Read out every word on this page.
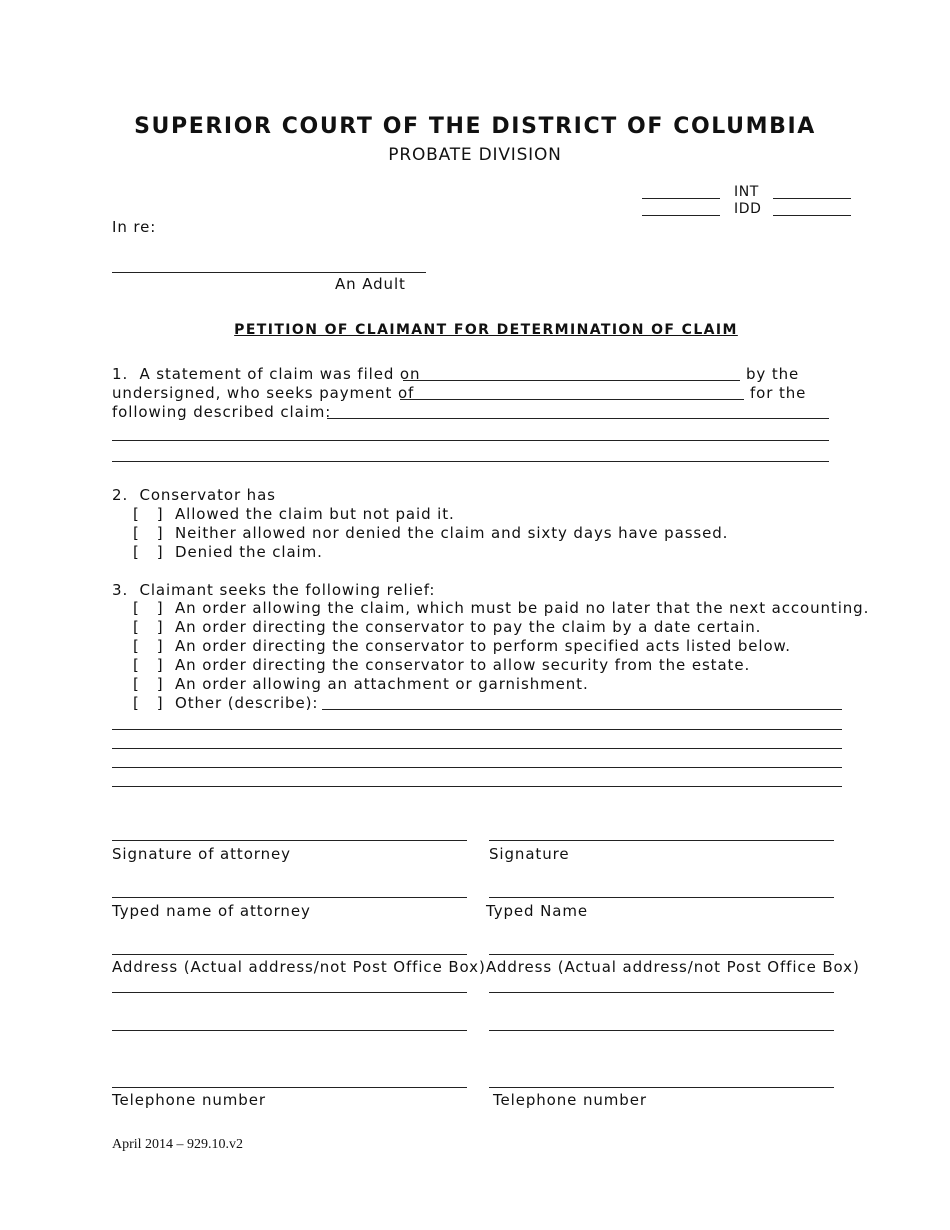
SUPERIOR COURT OF THE DISTRICT OF COLUMBIA
PROBATE DIVISION
INT
IDD
In re:
An Adult
PETITION OF CLAIMANT FOR DETERMINATION OF CLAIM
1.  A statement of claim was filed on	by the
undersigned, who seeks payment of	for the
following described claim:
2.  Conservator has
[   ] Allowed the claim but not paid it.
[   ] Neither allowed nor denied the claim and sixty days have passed.
[   ] Denied the claim.
3.  Claimant seeks the following relief:
[   ] An order allowing the claim, which must be paid no later that the next accounting.
[   ] An order directing the conservator to pay the claim by a date certain.
[   ] An order directing the conservator to perform specified acts listed below.
[   ] An order directing the conservator to allow security from the estate.
[   ] An order allowing an attachment or garnishment.
[   ] Other (describe):
Signature of attorney
Typed name of attorney
Address (Actual address/not Post Office Box)
Telephone number
Signature
Typed Name
Address (Actual address/not Post Office Box)
Telephone number
April 2014 – 929.10.v2
